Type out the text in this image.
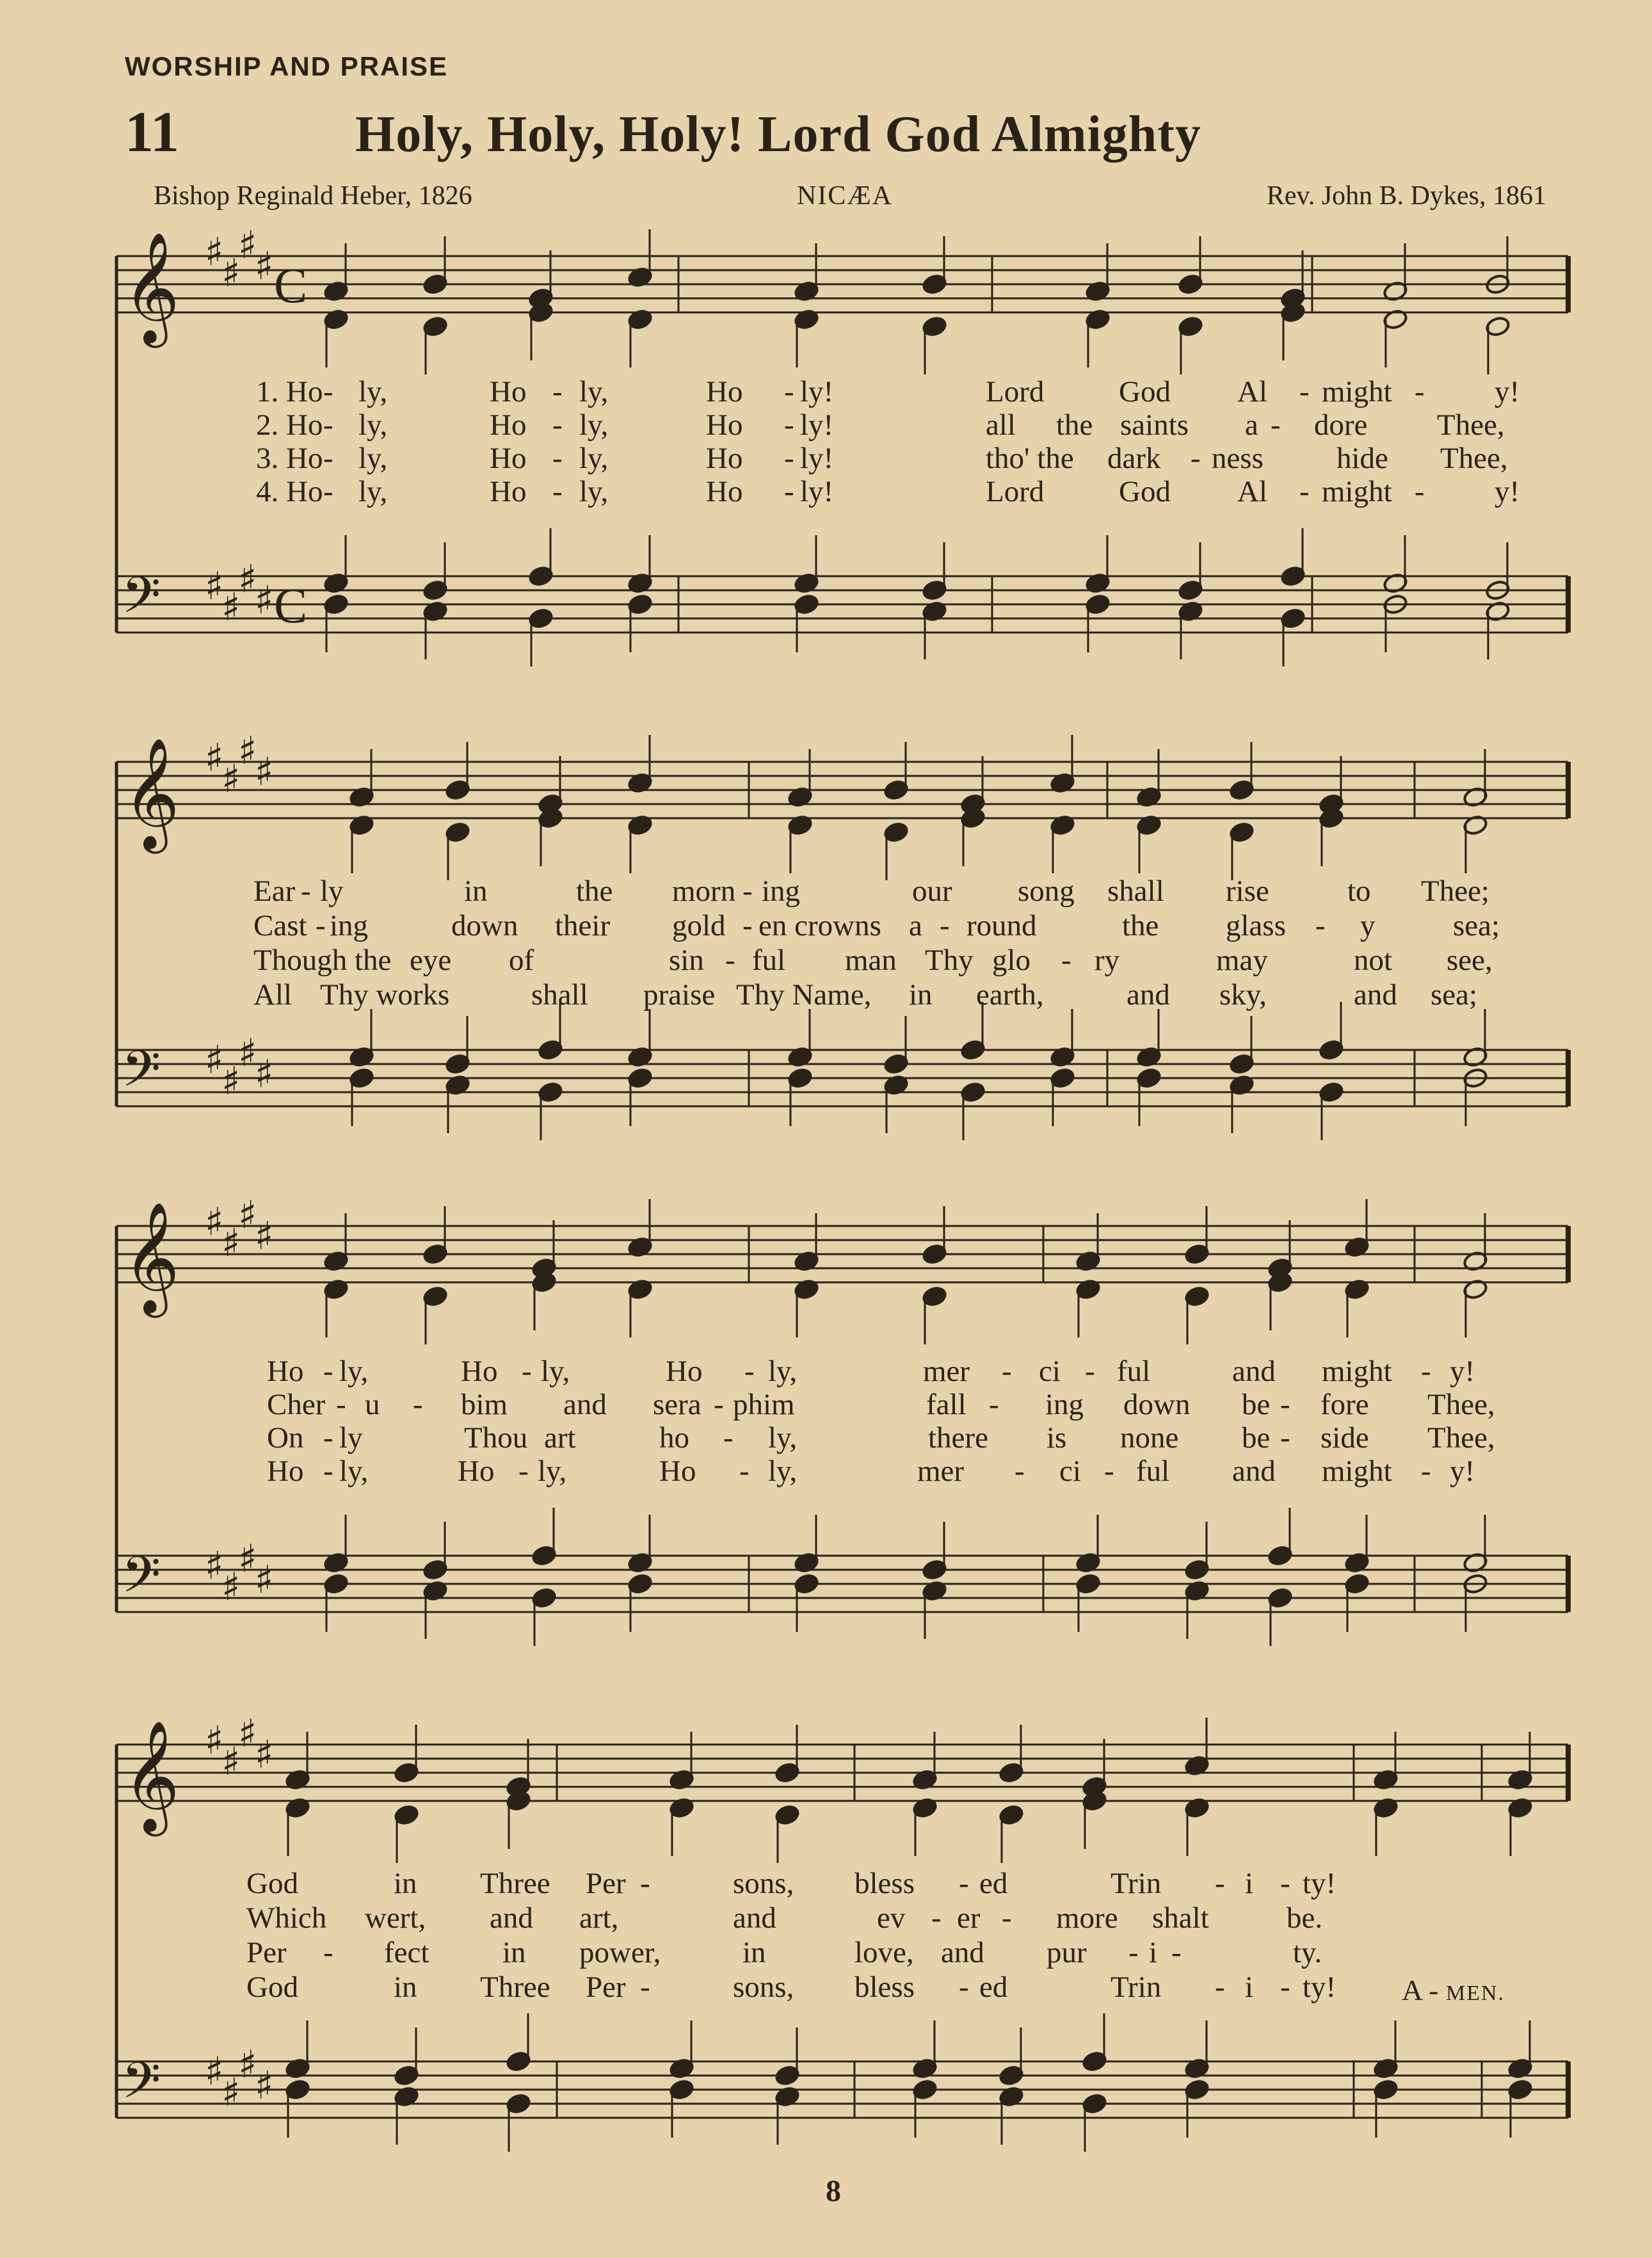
WORSHIP AND PRAISE
11	Holy, Holy, Holy! Lord God Almighty
Bishop Reginald Heber, 1826	NICÆA	Rev. John B. Dykes, 1861
𝄞 ♯
♯
♯
♯ C
𝄢 ♯
♯
♯
♯ C
1. Ho - ly,	Ho - ly,	Ho - ly!	Lord God Al - might - y!
2. Ho - ly,	Ho - ly,	Ho - ly!	all the saints a - dore Thee,
3. Ho - ly,	Ho - ly,	Ho - ly!	tho' the dark - ness hide Thee,
4. Ho - ly,	Ho - ly,	Ho - ly!	Lord God Al - might - y!
𝄞 ♯
♯
♯
♯
𝄢 ♯
♯
♯
♯
Ear - ly	in	the morn - ing	our song shall rise	to Thee;
Cast - ing	down their gold - en crowns a - round	the glass - y	sea;
Though the eye of	sin - ful man Thy glo - ry	may	not see,
All Thy works	shall praise Thy Name, in earth,	and sky,	and sea;
𝄞 ♯
♯
♯
♯
𝄢 ♯
♯
♯
♯
Ho - ly,	Ho - ly,	Ho - ly,	mer - ci - ful	and might - y!
Cher - u - bim and sera - phim	fall - ing down be - fore Thee,
On - ly	Thou art	ho - ly,	there is none be - side Thee,
Ho - ly,	Ho - ly,	Ho - ly,	mer - ci - ful and might - y!
𝄞 ♯
♯
♯
♯
𝄢 ♯
♯
♯
♯
God	in Three Per -	sons, bless - ed	Trin - i - ty!
Which wert, and art,	and	ev - er - more shalt	be.
Per - fect in power,	in	love, and pur - i -	ty.
God	in Three Per -	sons, bless - ed	Trin - i - ty! A - MEN.
8
